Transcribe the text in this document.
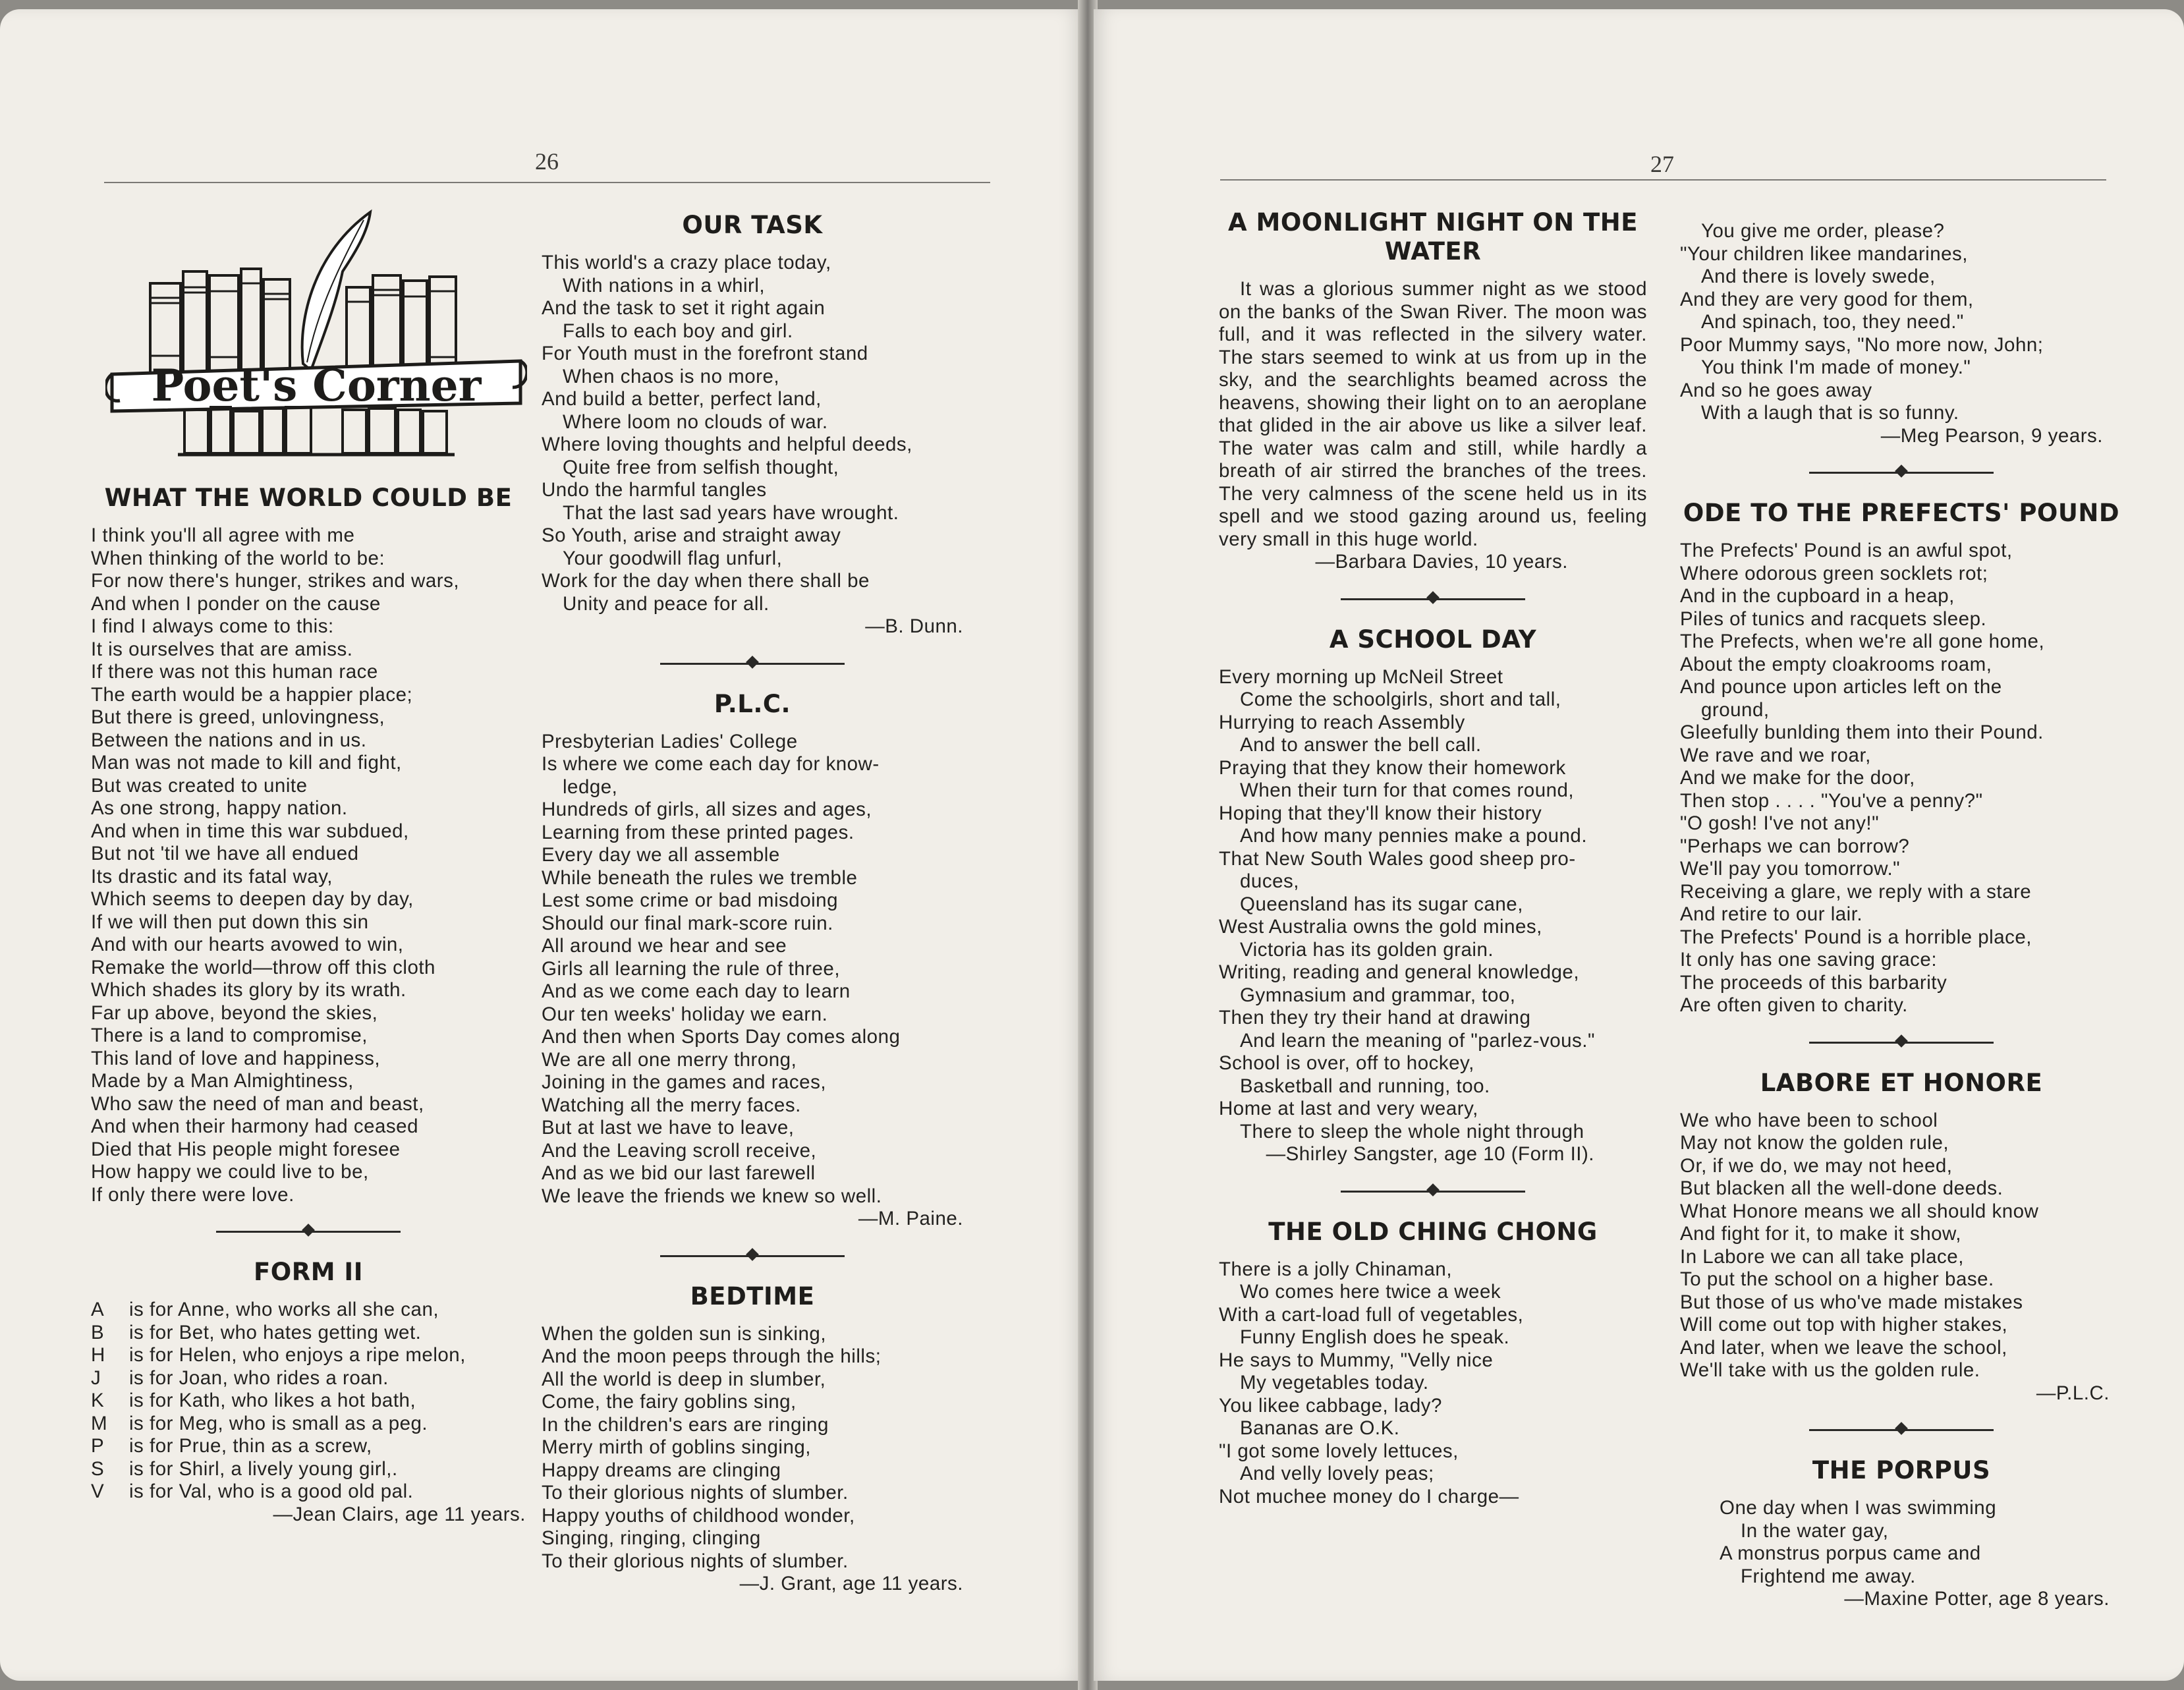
26
Poet's Corner
WHAT THE WORLD COULD BE
I think you'll all agree with me
When thinking of the world to be:
For now there's hunger, strikes and wars,
And when I ponder on the cause
I find I always come to this:
It is ourselves that are amiss.
If there was not this human race
The earth would be a happier place;
But there is greed, unlovingness,
Between the nations and in us.
Man was not made to kill and fight,
But was created to unite
As one strong, happy nation.
And when in time this war subdued,
But not 'til we have all endued
Its drastic and its fatal way,
Which seems to deepen day by day,
If we will then put down this sin
And with our hearts avowed to win,
Remake the world—throw off this cloth
Which shades its glory by its wrath.
Far up above, beyond the skies,
There is a land to compromise,
This land of love and happiness,
Made by a Man Almightiness,
Who saw the need of man and beast,
And when their harmony had ceased
Died that His people might foresee
How happy we could live to be,
If only there were love.
FORM II
A	is for Anne, who works all she can,
B	is for Bet, who hates getting wet.
H	is for Helen, who enjoys a ripe melon,
J	is for Joan, who rides a roan.
K	is for Kath, who likes a hot bath,
M	is for Meg, who is small as a peg.
P	is for Prue, thin as a screw,
S	is for Shirl, a lively young girl,.
V	is for Val, who is a good old pal.
—Jean Clairs, age 11 years.
OUR TASK
This world's a crazy place today,
With nations in a whirl,
And the task to set it right again
Falls to each boy and girl.
For Youth must in the forefront stand
When chaos is no more,
And build a better, perfect land,
Where loom no clouds of war.
Where loving thoughts and helpful deeds,
Quite free from selfish thought,
Undo the harmful tangles
That the last sad years have wrought.
So Youth, arise and straight away
Your goodwill flag unfurl,
Work for the day when there shall be
Unity and peace for all.
—B. Dunn.
P.L.C.
Presbyterian Ladies' College
Is where we come each day for know-
ledge,
Hundreds of girls, all sizes and ages,
Learning from these printed pages.
Every day we all assemble
While beneath the rules we tremble
Lest some crime or bad misdoing
Should our final mark-score ruin.
All around we hear and see
Girls all learning the rule of three,
And as we come each day to learn
Our ten weeks' holiday we earn.
And then when Sports Day comes along
We are all one merry throng,
Joining in the games and races,
Watching all the merry faces.
But at last we have to leave,
And the Leaving scroll receive,
And as we bid our last farewell
We leave the friends we knew so well.
—M. Paine.
BEDTIME
When the golden sun is sinking,
And the moon peeps through the hills;
All the world is deep in slumber,
Come, the fairy goblins sing,
In the children's ears are ringing
Merry mirth of goblins singing,
Happy dreams are clinging
To their glorious nights of slumber.
Happy youths of childhood wonder,
Singing, ringing, clinging
To their glorious nights of slumber.
—J. Grant, age 11 years.
27
A MOONLIGHT NIGHT ON THE
WATER

It was a glorious summer night as we stood on the banks of the Swan River. The moon was full, and it was reflected in the silvery water. The stars seemed to wink at us from up in the sky, and the searchlights beamed across the heavens, showing their light on to an aeroplane that glided in the air above us like a silver leaf. The water was calm and still, while hardly a breath of air stirred the branches of the trees. The very calmness of the scene held us in its spell and we stood gazing around us, feeling very small in this huge world.

—Barbara Davies, 10 years.
A SCHOOL DAY
Every morning up McNeil Street
Come the schoolgirls, short and tall,
Hurrying to reach Assembly
And to answer the bell call.
Praying that they know their homework
When their turn for that comes round,
Hoping that they'll know their history
And how many pennies make a pound.
That New South Wales good sheep pro-
duces,
Queensland has its sugar cane,
West Australia owns the gold mines,
Victoria has its golden grain.
Writing, reading and general knowledge,
Gymnasium and grammar, too,
Then they try their hand at drawing
And learn the meaning of "parlez-vous."
School is over, off to hockey,
Basketball and running, too.
Home at last and very weary,
There to sleep the whole night through
—Shirley Sangster, age 10 (Form II).
THE OLD CHING CHONG
There is a jolly Chinaman,
Wo comes here twice a week
With a cart-load full of vegetables,
Funny English does he speak.
He says to Mummy, "Velly nice
My vegetables today.
You likee cabbage, lady?
Bananas are O.K.
"I got some lovely lettuces,
And velly lovely peas;
Not muchee money do I charge—
You give me order, please?
"Your children likee mandarines,
And there is lovely swede,
And they are very good for them,
And spinach, too, they need."
Poor Mummy says, "No more now, John;
You think I'm made of money."
And so he goes away
With a laugh that is so funny.
—Meg Pearson, 9 years.
ODE TO THE PREFECTS' POUND
The Prefects' Pound is an awful spot,
Where odorous green socklets rot;
And in the cupboard in a heap,
Piles of tunics and racquets sleep.
The Prefects, when we're all gone home,
About the empty cloakrooms roam,
And pounce upon articles left on the
ground,
Gleefully bunlding them into their Pound.
We rave and we roar,
And we make for the door,
Then stop . . . . "You've a penny?"
"O gosh! I've not any!"
"Perhaps we can borrow?
We'll pay you tomorrow."
Receiving a glare, we reply with a stare
And retire to our lair.
The Prefects' Pound is a horrible place,
It only has one saving grace:
The proceeds of this barbarity
Are often given to charity.
LABORE ET HONORE
We who have been to school
May not know the golden rule,
Or, if we do, we may not heed,
But blacken all the well-done deeds.
What Honore means we all should know
And fight for it, to make it show,
In Labore we can all take place,
To put the school on a higher base.
But those of us who've made mistakes
Will come out top with higher stakes,
And later, when we leave the school,
We'll take with us the golden rule.
—P.L.C.
THE PORPUS
One day when I was swimming
In the water gay,
A monstrus porpus came and
Frightend me away.
—Maxine Potter, age 8 years.
